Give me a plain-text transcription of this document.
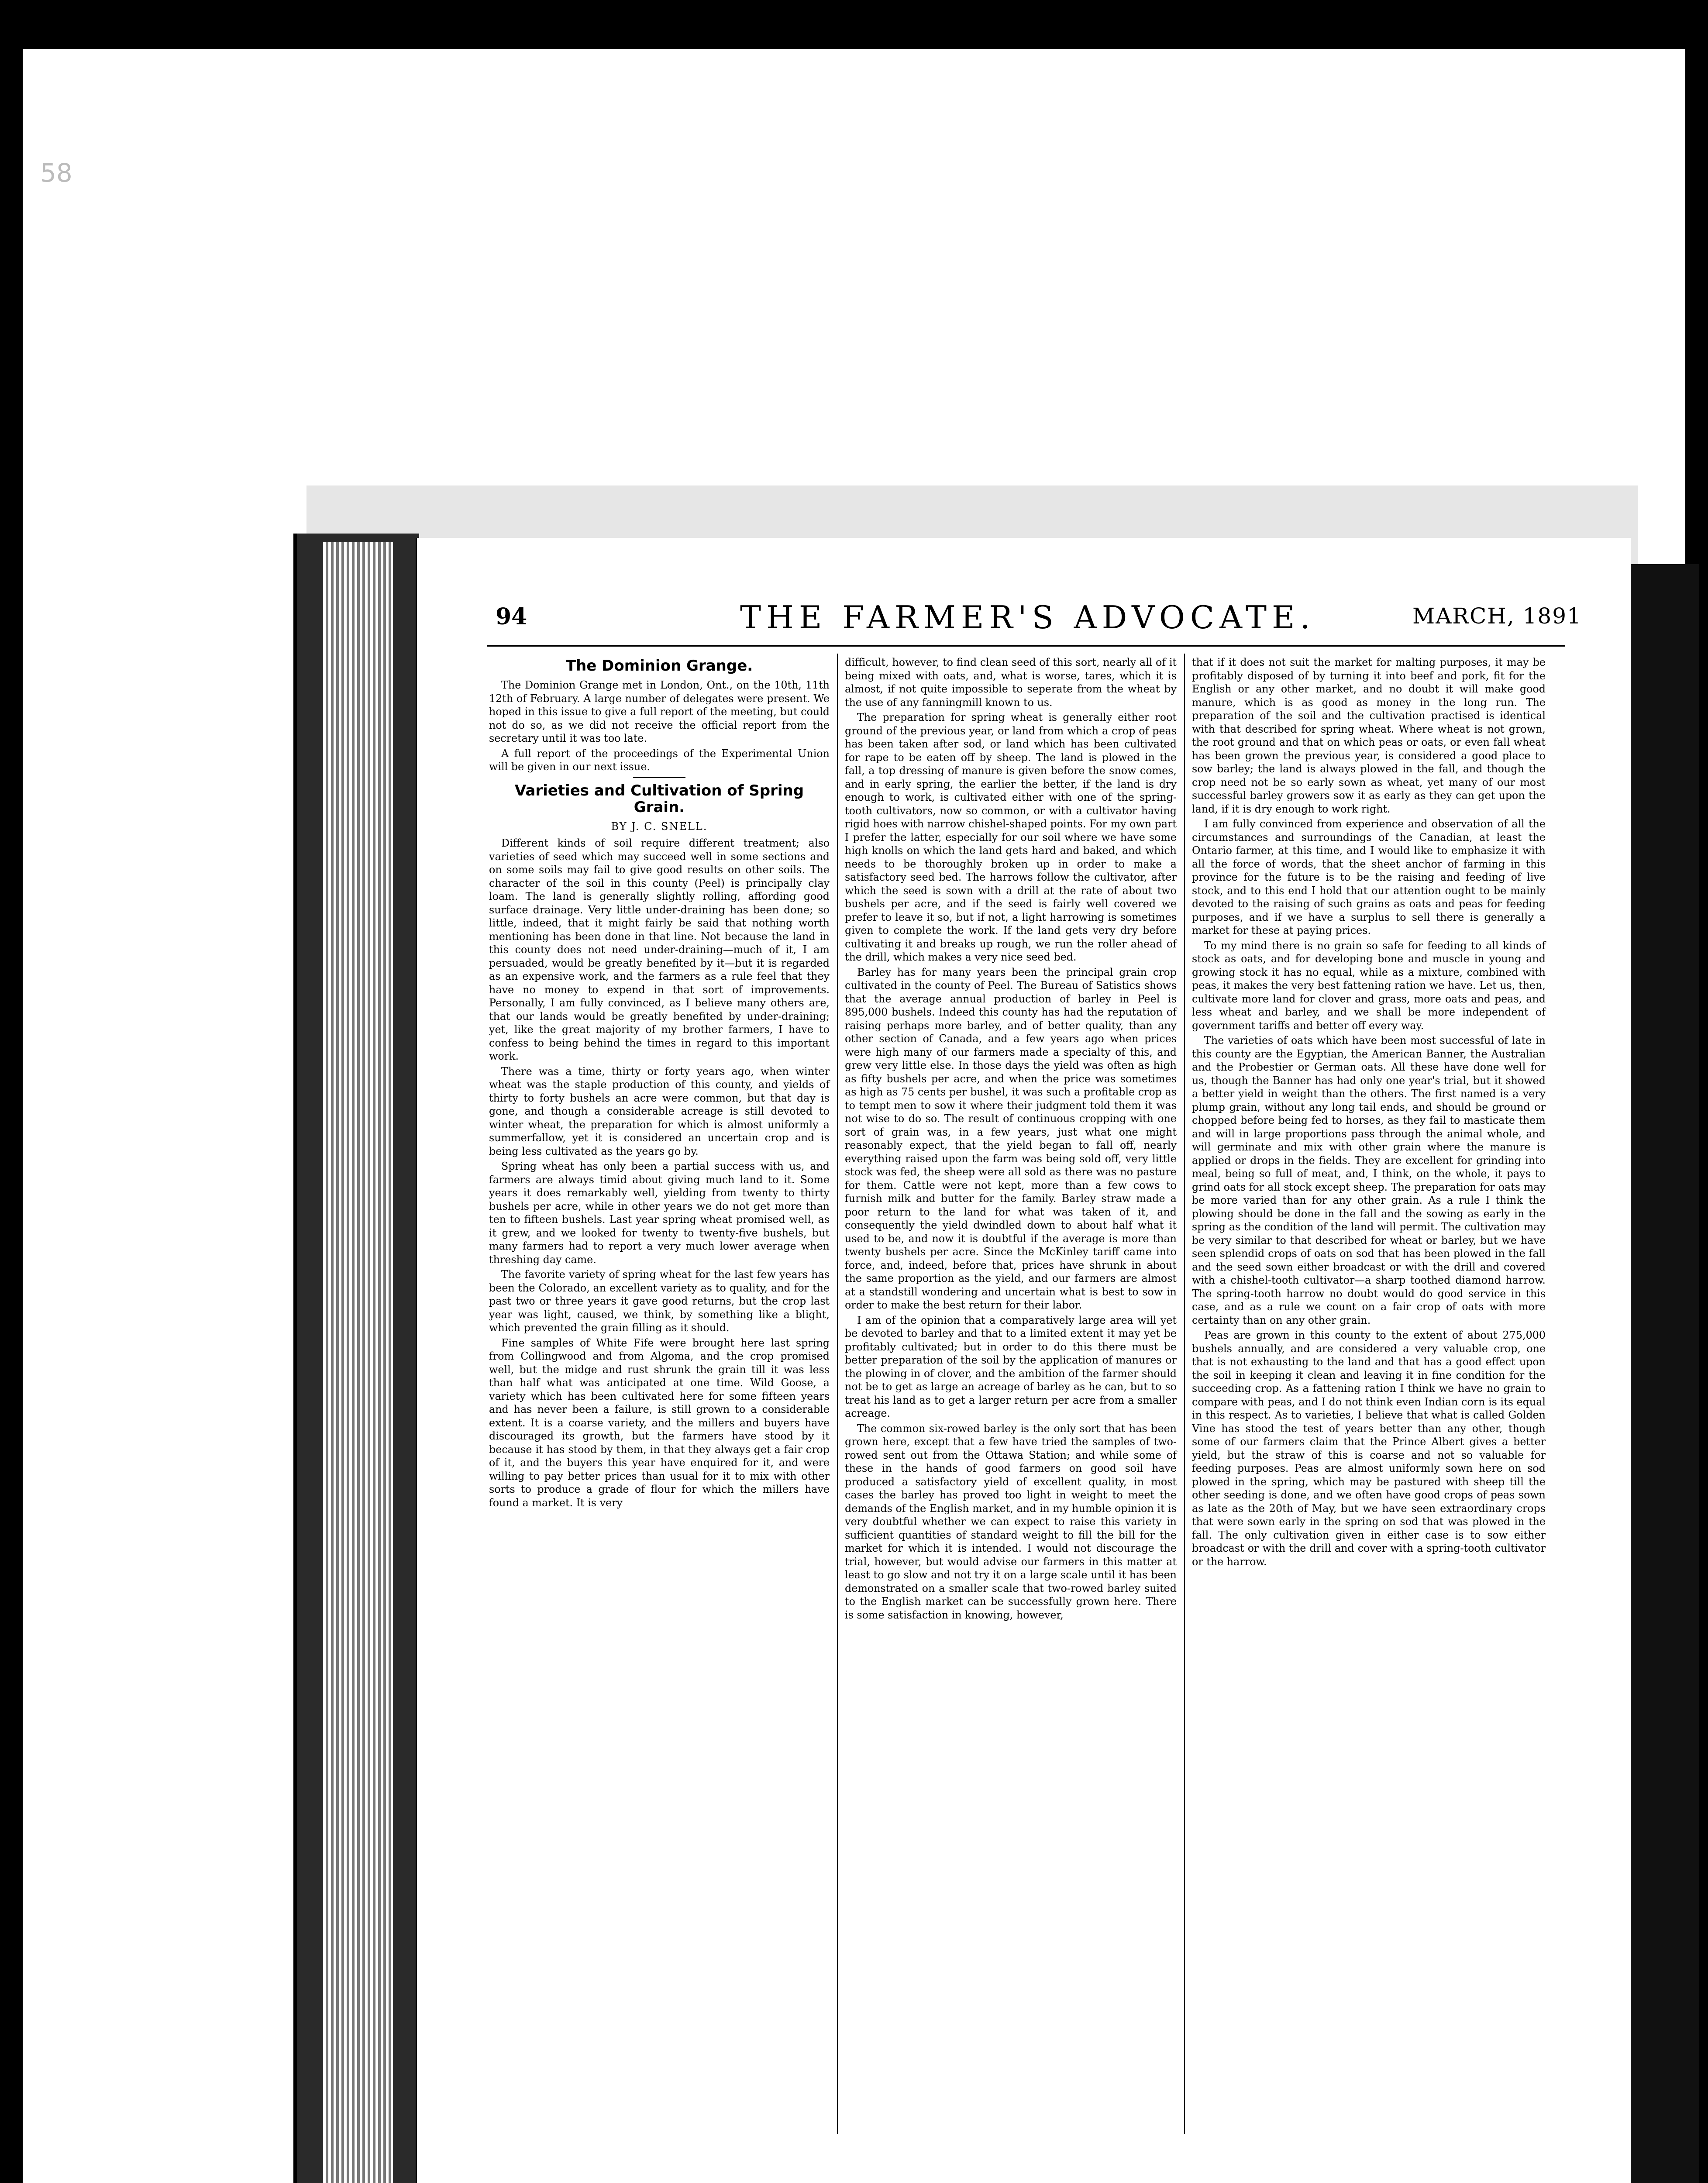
58
94	THE FARMER'S ADVOCATE.	MARCH, 1891
The Dominion Grange.

The Dominion Grange met in London, Ont., on the 10th, 11th 12th of February. A large number of delegates were present. We hoped in this issue to give a full report of the meeting, but could not do so, as we did not receive the official report from the secretary until it was too late.

A full report of the proceedings of the Experimental Union will be given in our next issue.

Varieties and Cultivation of Spring Grain.
BY J. C. SNELL.

Different kinds of soil require different treatment; also varieties of seed which may succeed well in some sections and on some soils may fail to give good results on other soils. The character of the soil in this county (Peel) is principally clay loam. The land is generally slightly rolling, affording good surface drainage. Very little under-draining has been done; so little, indeed, that it might fairly be said that nothing worth mentioning has been done in that line. Not because the land in this county does not need under-draining—much of it, I am persuaded, would be greatly benefited by it—but it is regarded as an expensive work, and the farmers as a rule feel that they have no money to expend in that sort of improvements. Personally, I am fully convinced, as I believe many others are, that our lands would be greatly benefited by under-draining; yet, like the great majority of my brother farmers, I have to confess to being behind the times in regard to this important work.

There was a time, thirty or forty years ago, when winter wheat was the staple production of this county, and yields of thirty to forty bushels an acre were common, but that day is gone, and though a considerable acreage is still devoted to winter wheat, the preparation for which is almost uniformly a summerfallow, yet it is considered an uncertain crop and is being less cultivated as the years go by.

Spring wheat has only been a partial success with us, and farmers are always timid about giving much land to it. Some years it does remarkably well, yielding from twenty to thirty bushels per acre, while in other years we do not get more than ten to fifteen bushels. Last year spring wheat promised well, as it grew, and we looked for twenty to twenty-five bushels, but many farmers had to report a very much lower average when threshing day came.

The favorite variety of spring wheat for the last few years has been the Colorado, an excellent variety as to quality, and for the past two or three years it gave good returns, but the crop last year was light, caused, we think, by something like a blight, which prevented the grain filling as it should.

Fine samples of White Fife were brought here last spring from Collingwood and from Algoma, and the crop promised well, but the midge and rust shrunk the grain till it was less than half what was anticipated at one time. Wild Goose, a variety which has been cultivated here for some fifteen years and has never been a failure, is still grown to a considerable extent. It is a coarse variety, and the millers and buyers have discouraged its growth, but the farmers have stood by it because it has stood by them, in that they always get a fair crop of it, and the buyers this year have enquired for it, and were willing to pay better prices than usual for it to mix with other sorts to produce a grade of flour for which the millers have found a market. It is very

difficult, however, to find clean seed of this sort, nearly all of it being mixed with oats, and, what is worse, tares, which it is almost, if not quite impossible to seperate from the wheat by the use of any fanningmill known to us.

The preparation for spring wheat is generally either root ground of the previous year, or land from which a crop of peas has been taken after sod, or land which has been cultivated for rape to be eaten off by sheep. The land is plowed in the fall, a top dressing of manure is given before the snow comes, and in early spring, the earlier the better, if the land is dry enough to work, is cultivated either with one of the spring-tooth cultivators, now so common, or with a cultivator having rigid hoes with narrow chishel-shaped points. For my own part I prefer the latter, especially for our soil where we have some high knolls on which the land gets hard and baked, and which needs to be thoroughly broken up in order to make a satisfactory seed bed. The harrows follow the cultivator, after which the seed is sown with a drill at the rate of about two bushels per acre, and if the seed is fairly well covered we prefer to leave it so, but if not, a light harrowing is sometimes given to complete the work. If the land gets very dry before cultivating it and breaks up rough, we run the roller ahead of the drill, which makes a very nice seed bed.

Barley has for many years been the principal grain crop cultivated in the county of Peel. The Bureau of Satistics shows that the average annual production of barley in Peel is 895,000 bushels. Indeed this county has had the reputation of raising perhaps more barley, and of better quality, than any other section of Canada, and a few years ago when prices were high many of our farmers made a specialty of this, and grew very little else. In those days the yield was often as high as fifty bushels per acre, and when the price was sometimes as high as 75 cents per bushel, it was such a profitable crop as to tempt men to sow it where their judgment told them it was not wise to do so. The result of continuous cropping with one sort of grain was, in a few years, just what one might reasonably expect, that the yield began to fall off, nearly everything raised upon the farm was being sold off, very little stock was fed, the sheep were all sold as there was no pasture for them. Cattle were not kept, more than a few cows to furnish milk and butter for the family. Barley straw made a poor return to the land for what was taken of it, and consequently the yield dwindled down to about half what it used to be, and now it is doubtful if the average is more than twenty bushels per acre. Since the McKinley tariff came into force, and, indeed, before that, prices have shrunk in about the same proportion as the yield, and our farmers are almost at a standstill wondering and uncertain what is best to sow in order to make the best return for their labor.

I am of the opinion that a comparatively large area will yet be devoted to barley and that to a limited extent it may yet be profitably cultivated; but in order to do this there must be better preparation of the soil by the application of manures or the plowing in of clover, and the ambition of the farmer should not be to get as large an acreage of barley as he can, but to so treat his land as to get a larger return per acre from a smaller acreage.

The common six-rowed barley is the only sort that has been grown here, except that a few have tried the samples of two-rowed sent out from the Ottawa Station; and while some of these in the hands of good farmers on good soil have produced a satisfactory yield of excellent quality, in most cases the barley has proved too light in weight to meet the demands of the English market, and in my humble opinion it is very doubtful whether we can expect to raise this variety in sufficient quantities of standard weight to fill the bill for the market for which it is intended. I would not discourage the trial, however, but would advise our farmers in this matter at least to go slow and not try it on a large scale until it has been demonstrated on a smaller scale that two-rowed barley suited to the English market can be successfully grown here. There is some satisfaction in knowing, however,

that if it does not suit the market for malting purposes, it may be profitably disposed of by turning it into beef and pork, fit for the English or any other market, and no doubt it will make good manure, which is as good as money in the long run. The preparation of the soil and the cultivation practised is identical with that described for spring wheat. Where wheat is not grown, the root ground and that on which peas or oats, or even fall wheat has been grown the previous year, is considered a good place to sow barley; the land is always plowed in the fall, and though the crop need not be so early sown as wheat, yet many of our most successful barley growers sow it as early as they can get upon the land, if it is dry enough to work right.

I am fully convinced from experience and observation of all the circumstances and surroundings of the Canadian, at least the Ontario farmer, at this time, and I would like to emphasize it with all the force of words, that the sheet anchor of farming in this province for the future is to be the raising and feeding of live stock, and to this end I hold that our attention ought to be mainly devoted to the raising of such grains as oats and peas for feeding purposes, and if we have a surplus to sell there is generally a market for these at paying prices.

To my mind there is no grain so safe for feeding to all kinds of stock as oats, and for developing bone and muscle in young and growing stock it has no equal, while as a mixture, combined with peas, it makes the very best fattening ration we have. Let us, then, cultivate more land for clover and grass, more oats and peas, and less wheat and barley, and we shall be more independent of government tariffs and better off every way.

The varieties of oats which have been most successful of late in this county are the Egyptian, the American Banner, the Australian and the Probestier or German oats. All these have done well for us, though the Banner has had only one year's trial, but it showed a better yield in weight than the others. The first named is a very plump grain, without any long tail ends, and should be ground or chopped before being fed to horses, as they fail to masticate them and will in large proportions pass through the animal whole, and will germinate and mix with other grain where the manure is applied or drops in the fields. They are excellent for grinding into meal, being so full of meat, and, I think, on the whole, it pays to grind oats for all stock except sheep. The preparation for oats may be more varied than for any other grain. As a rule I think the plowing should be done in the fall and the sowing as early in the spring as the condition of the land will permit. The cultivation may be very similar to that described for wheat or barley, but we have seen splendid crops of oats on sod that has been plowed in the fall and the seed sown either broadcast or with the drill and covered with a chishel-tooth cultivator—a sharp toothed diamond harrow. The spring-tooth harrow no doubt would do good service in this case, and as a rule we count on a fair crop of oats with more certainty than on any other grain.

Peas are grown in this county to the extent of about 275,000 bushels annually, and are considered a very valuable crop, one that is not exhausting to the land and that has a good effect upon the soil in keeping it clean and leaving it in fine condition for the succeeding crop. As a fattening ration I think we have no grain to compare with peas, and I do not think even Indian corn is its equal in this respect. As to varieties, I believe that what is called Golden Vine has stood the test of years better than any other, though some of our farmers claim that the Prince Albert gives a better yield, but the straw of this is coarse and not so valuable for feeding purposes. Peas are almost uniformly sown here on sod plowed in the spring, which may be pastured with sheep till the other seeding is done, and we often have good crops of peas sown as late as the 20th of May, but we have seen extraordinary crops that were sown early in the spring on sod that was plowed in the fall. The only cultivation given in either case is to sow either broadcast or with the drill and cover with a spring-tooth cultivator or the harrow.
